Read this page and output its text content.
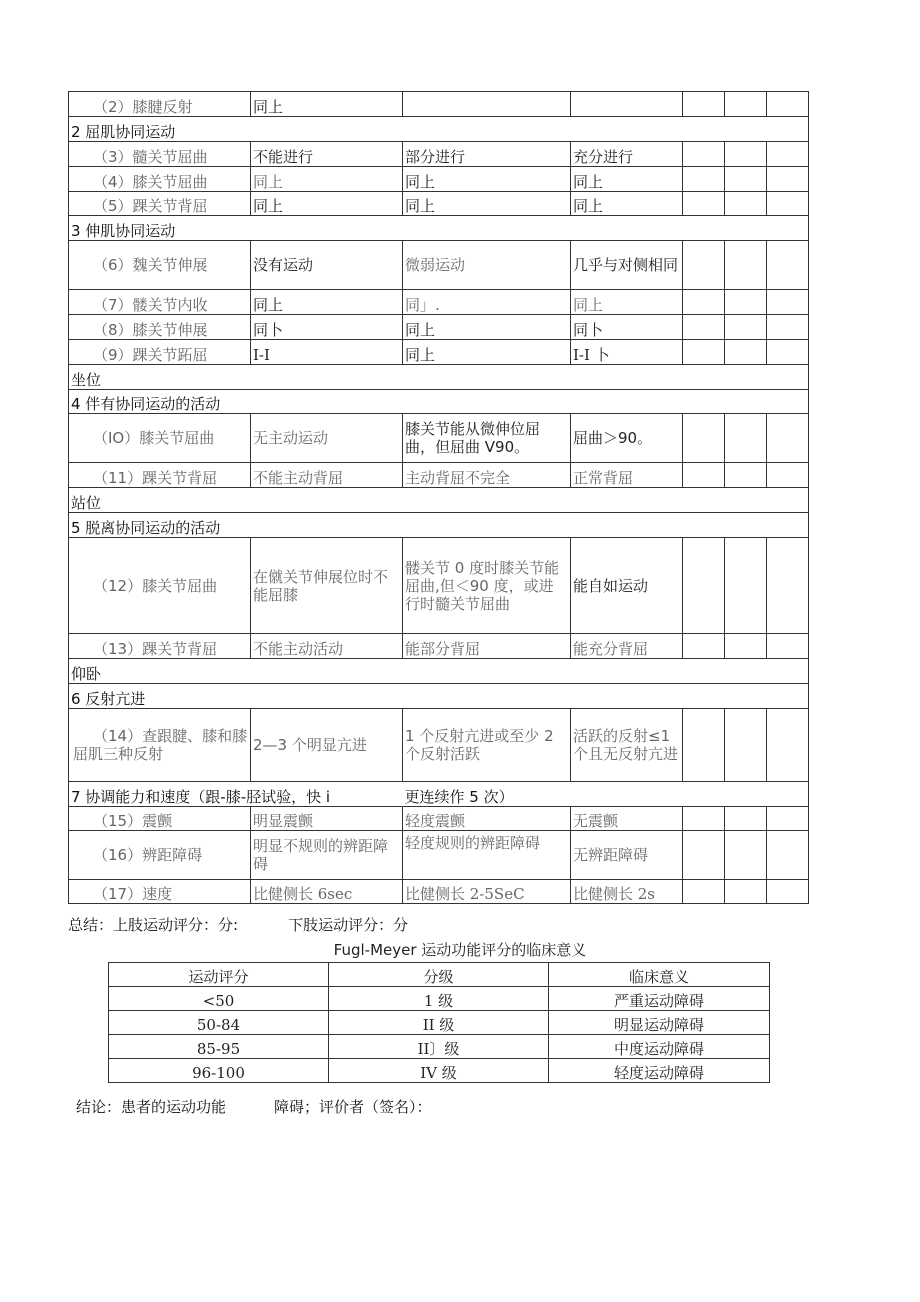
（2）膝腱反射	同上					
2 屈肌协同运动						
（3）髓关节屈曲	不能进行	部分进行	充分进行			
（4）膝关节屈曲	同上	同上	同上			
（5）踝关节背屈	同上	同上	同上			
3 伸肌协同运动						
（6）魏关节伸展	没有运动	微弱运动	几乎与对侧相同			
（7）髅关节内收	同上	同」.	同上			
（8）膝关节伸展	同卜	同上	同卜			
（9）踝关节跖屈	I-I	同上	I-I 卜			
坐位						
4 伴有协同运动的活动						
（IO）膝关节屈曲	无主动运动	膝关节能从微伸位屈曲，但屈曲 V90。	屈曲＞90。			
（11）踝关节背屈	不能主动背屈	主动背屈不完全	正常背屈			
站位						
5 脱离协同运动的活动						
（12）膝关节屈曲	在僦关节伸展位时不能屈膝	髅关节 0 度时膝关节能屈曲,但＜90 度，或进行时髓关节屈曲	能自如运动			
（13）踝关节背屈	不能主动活动	能部分背屈	能充分背屈			
仰卧						
6 反射亢进						
（14）查跟腱、膝和膝屈肌三种反射	2—3 个明显亢进	1 个反射亢进或至少 2 个反射活跃	活跃的反射≤1 个且无反射亢进			
7 协调能力和速度（跟-膝-胫试验，快 i		更连续作 5 次）				
（15）震颤	明显震颤	轻度震颤	无震颤			
（16）辨距障碍	明显不规则的辨距障碍	轻度规则的辨距障碍	无辨距障碍			
（17）速度	比健侧长 6sec	比健侧长 2-5SeC	比健侧长 2s			
总结：上肢运动评分：分:	下肢运动评分：分
Fugl-Meyer 运动功能评分的临床意义
运动评分	分级	临床意义
<50	1 级	严重运动障碍
50-84	II 级	明显运动障碍
85-95	II〕级	中度运动障碍
96-100	IV 级	轻度运动障碍
结论：患者的运动功能	障碍；评价者（签名）：
